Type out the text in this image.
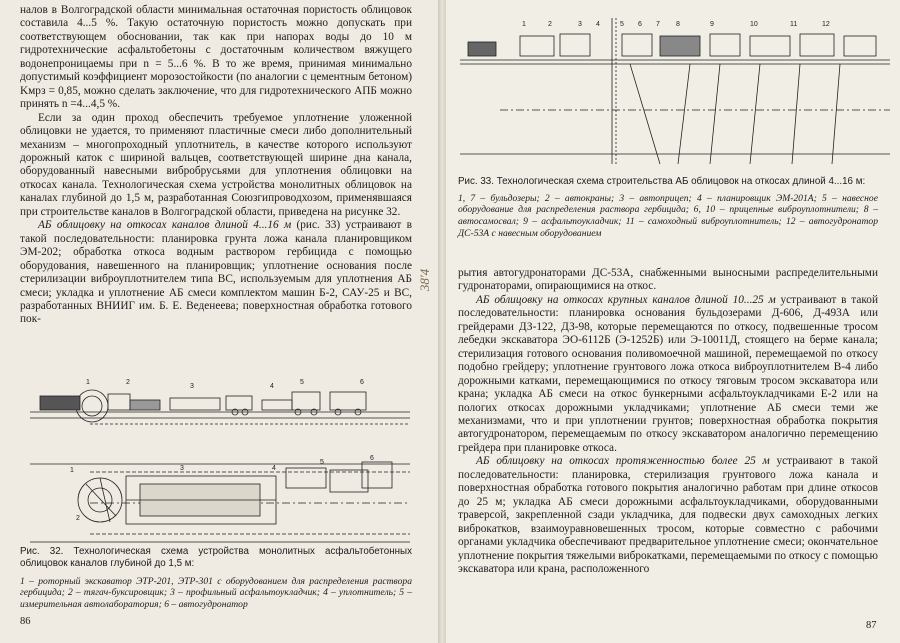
налов в Волгоградской области минимальная остаточная пористость облицовок составила 4...5 %. Такую остаточную пористость можно допускать при соответствующем обосновании, так как при напорах воды до 10 м гидротехнические асфальтобетоны с достаточным количеством вяжущего водонепроницаемы при n = 5...6 %. В то же время, принимая минимально допустимый коэффициент морозостойкости (по аналогии с цементным бетоном) Kмрз = 0,85, можно сделать заключение, что для гидротехнического АПБ можно принять n =4...4,5 %.

Если за один проход обеспечить требуемое уплотнение уложенной облицовки не удается, то применяют пластичные смеси либо дополнительный механизм – многопроходный уплотнитель, в качестве которого используют дорожный каток с шириной вальцев, соответствующей ширине дна канала, оборудованный навесными вибробрусьями для уплотнения облицовки на откосах канала. Технологическая схема устройства монолитных облицовок на каналах глубиной до 1,5 м, разработанная Союзгипроводхозом, применявшаяся при строительстве каналов в Волгоградской области, приведена на рисунке 32.

АБ облицовку на откосах каналов длиной 4...16 м (рис. 33) устраивают в такой последовательности: планировка грунта ложа канала планировщиком ЭМ-202; обработка откоса водным раствором гербицида с помощью оборудования, навешенного на планировщик; уплотнение основания после стерилизации виброуплотнителем типа ВС, используемым для уплотнения АБ смеси; укладка и уплотнение АБ смеси комплектом машин Б-2, САУ-25 и ВС, разработанных ВНИИГ им. Б. Е. Веденеева; поверхностная обработка готового пок-

1	2
3	4
5	6
1
2
3	4
5
6
Рис. 32. Технологическая схема устройства монолитных асфальтобетонных облицовок каналов глубиной до 1,5 м:
1 – роторный экскаватор ЭТР-201, ЭТР-301 с оборудованием для распределения раствора гербицида; 2 – тягач-буксировщик; 3 – профильный асфальтоукладчик; 4 – уплотнитель; 5 – измерительная автолаборатория; 6 – автогудронатор
86
38'4
1	2	3 4	5 6 7 8	9	10	11	12
Рис. 33. Технологическая схема строительства АБ облицовок на откосах длиной 4...16 м:
1, 7 – бульдозеры; 2 – автокраны; 3 – автоприцеп; 4 – планировщик ЭМ-201А; 5 – навесное оборудование для распределения раствора гербицида; 6, 10 – прицепные виброуплотнители; 8 – автосамосвал; 9 – асфальтоукладчик; 11 – самоходный виброуплотнитель; 12 – автогудронатор ДС-53А с навесным оборудованием

рытия автогудронаторами ДС-53А, снабженными выносными распределительными гудронаторами, опирающимися на откос.

АБ облицовку на откосах крупных каналов длиной 10...25 м устраивают в такой последовательности: планировка основания бульдозерами Д-606, Д-493А или грейдерами ДЗ-122, ДЗ-98, которые перемещаются по откосу, подвешенные тросом лебедки экскаватора ЭО-6112Б (Э-1252Б) или Э-10011Д, стоящего на берме канала; стерилизация готового основания поливомоечной машиной, перемещаемой по откосу подобно грейдеру; уплотнение грунтового ложа откоса виброуплотнителем В-4 либо дорожными катками, перемещающимися по откосу тяговым тросом экскаватора или крана; укладка АБ смеси на откос бункерными асфальтоукладчиками Е-2 или на пологих откосах дорожными укладчиками; уплотнение АБ смеси теми же механизмами, что и при уплотнении грунтов; поверхностная обработка покрытия автогудронатором, перемещаемым по откосу экскаватором аналогично перемещению грейдера при планировке откоса.

АБ облицовку на откосах протяженностью более 25 м устраивают в такой последовательности: планировка, стерилизация грунтового ложа канала и поверхностная обработка готового покрытия аналогично работам при длине откосов до 25 м; укладка АБ смеси дорожными асфальтоукладчиками, оборудованными траверсой, закрепленной сзади укладчика, для подвески двух самоходных легких виброкатков, взаимоуравновешенных тросом, которые совместно с рабочими органами укладчика обеспечивают предварительное уплотнение смеси; окончательное уплотнение покрытия тяжелыми виброкатками, перемещаемыми по откосу с помощью экскаватора или крана, расположенного

87
